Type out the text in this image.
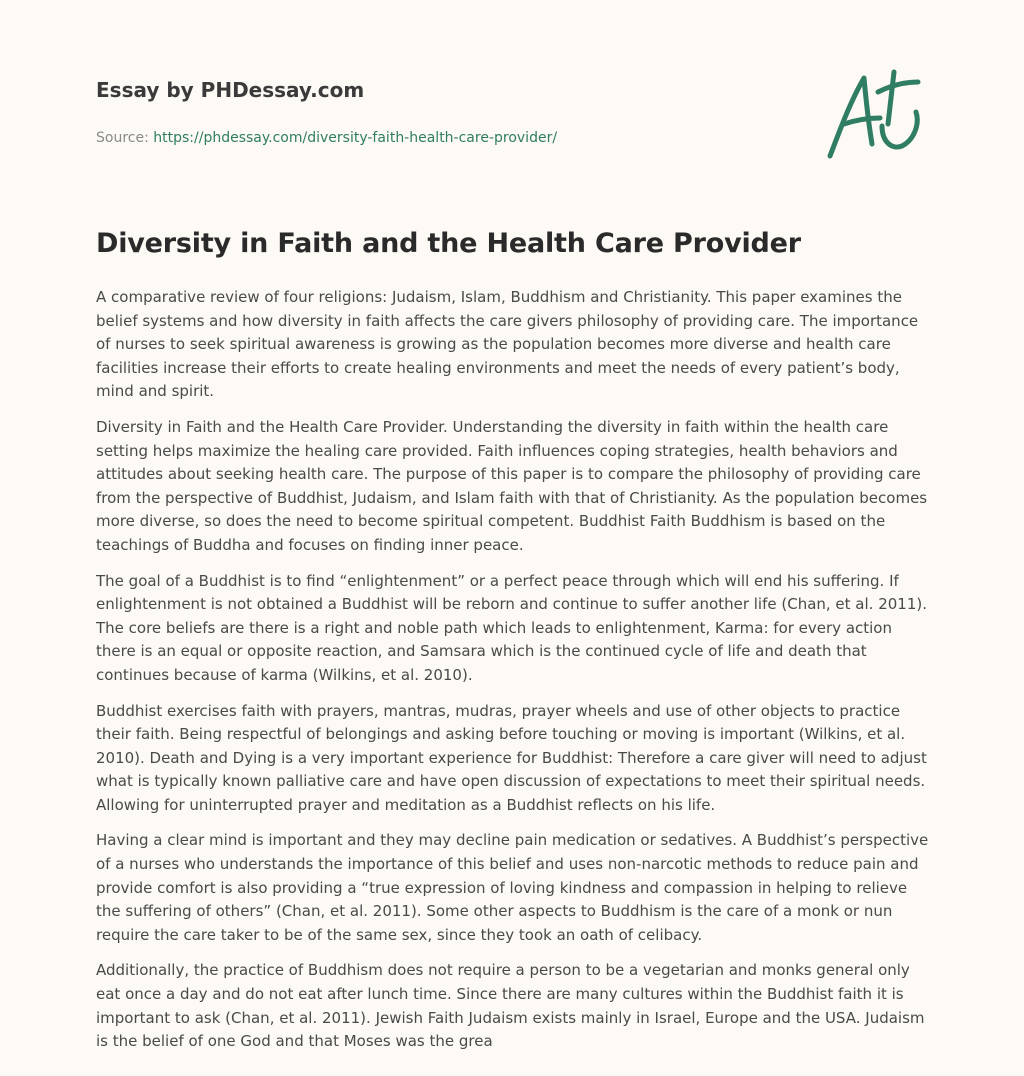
Essay by PHDessay.com

Source: https://phdessay.com/diversity-faith-health-care-provider/

Diversity in Faith and the Health Care Provider

A comparative review of four religions: Judaism, Islam, Buddhism and Christianity. This paper examines the belief systems and how diversity in faith affects the care givers philosophy of providing care. The importance of nurses to seek spiritual awareness is growing as the population becomes more diverse and health care facilities increase their efforts to create healing environments and meet the needs of every patient’s body, mind and spirit.

Diversity in Faith and the Health Care Provider. Understanding the diversity in faith within the health care setting helps maximize the healing care provided. Faith influences coping strategies, health behaviors and attitudes about seeking health care. The purpose of this paper is to compare the philosophy of providing care from the perspective of Buddhist, Judaism, and Islam faith with that of Christianity. As the population becomes more diverse, so does the need to become spiritual competent. Buddhist Faith Buddhism is based on the teachings of Buddha and focuses on finding inner peace.

The goal of a Buddhist is to find “enlightenment” or a perfect peace through which will end his suffering. If enlightenment is not obtained a Buddhist will be reborn and continue to suffer another life (Chan, et al. 2011). The core beliefs are there is a right and noble path which leads to enlightenment, Karma: for every action there is an equal or opposite reaction, and Samsara which is the continued cycle of life and death that continues because of karma (Wilkins, et al. 2010).

Buddhist exercises faith with prayers, mantras, mudras, prayer wheels and use of other objects to practice their faith. Being respectful of belongings and asking before touching or moving is important (Wilkins, et al. 2010). Death and Dying is a very important experience for Buddhist: Therefore a care giver will need to adjust what is typically known palliative care and have open discussion of expectations to meet their spiritual needs. Allowing for uninterrupted prayer and meditation as a Buddhist reflects on his life.

Having a clear mind is important and they may decline pain medication or sedatives. A Buddhist’s perspective of a nurses who understands the importance of this belief and uses non-narcotic methods to reduce pain and provide comfort is also providing a “true expression of loving kindness and compassion in helping to relieve the suffering of others” (Chan, et al. 2011). Some other aspects to Buddhism is the care of a monk or nun require the care taker to be of the same sex, since they took an oath of celibacy.

Additionally, the practice of Buddhism does not require a person to be a vegetarian and monks general only eat once a day and do not eat after lunch time. Since there are many cultures within the Buddhist faith it is important to ask (Chan, et al. 2011). Jewish Faith Judaism exists mainly in Israel, Europe and the USA. Judaism is the belief of one God and that Moses was the grea
